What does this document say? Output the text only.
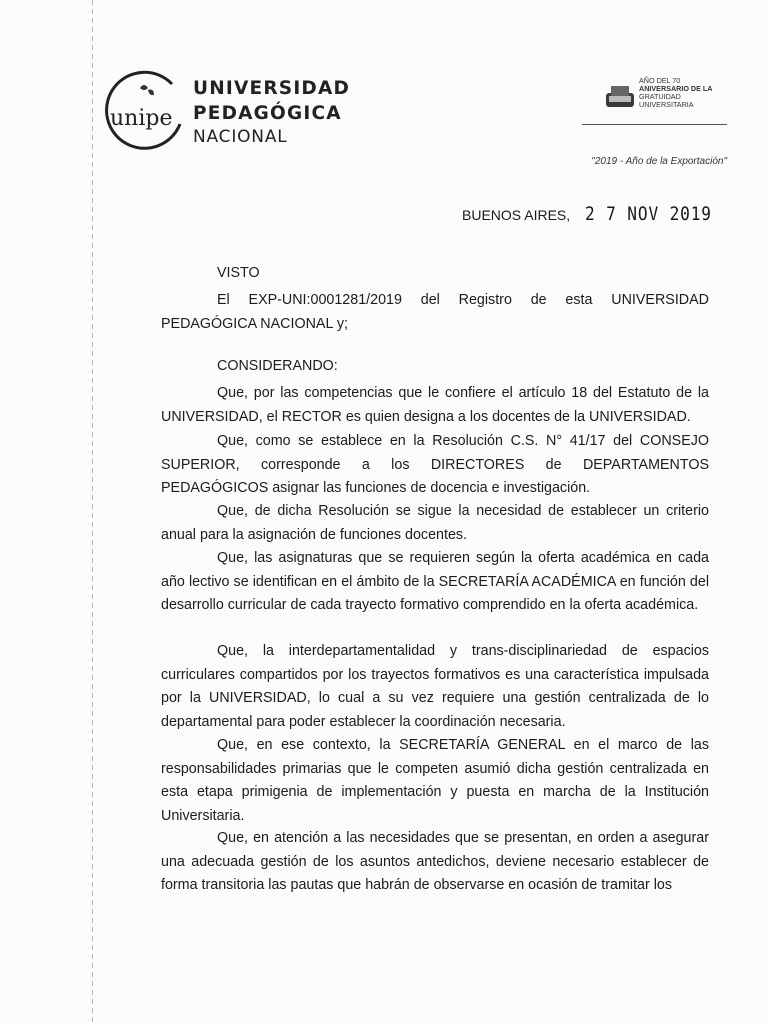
unipe
UNIVERSIDAD
PEDAGÓGICA
NACIONAL
AÑO DEL 70
ANIVERSARIO DE LA
GRATUIDAD
UNIVERSITARIA
"2019 - Año de la Exportación"
BUENOS AIRES, 2 7 NOV 2019
VISTO
El EXP-UNI:0001281/2019 del Registro de esta UNIVERSIDAD PEDAGÓGICA NACIONAL y;
CONSIDERANDO:
Que, por las competencias que le confiere el artículo 18 del Estatuto de la UNIVERSIDAD, el RECTOR es quien designa a los docentes de la UNIVERSIDAD.
Que, como se establece en la Resolución C.S. N° 41/17 del CONSEJO SUPERIOR, corresponde a los DIRECTORES de DEPARTAMENTOS PEDAGÓGICOS asignar las funciones de docencia e investigación.
Que, de dicha Resolución se sigue la necesidad de establecer un criterio anual para la asignación de funciones docentes.
Que, las asignaturas que se requieren según la oferta académica en cada año lectivo se identifican en el ámbito de la SECRETARÍA ACADÉMICA en función del desarrollo curricular de cada trayecto formativo comprendido en la oferta académica.
Que, la interdepartamentalidad y trans-disciplinariedad de espacios curriculares compartidos por los trayectos formativos es una característica impulsada por la UNIVERSIDAD, lo cual a su vez requiere una gestión centralizada de lo departamental para poder establecer la coordinación necesaria.
Que, en ese contexto, la SECRETARÍA GENERAL en el marco de las responsabilidades primarias que le competen asumió dicha gestión centralizada en esta etapa primigenia de implementación y puesta en marcha de la Institución Universitaria.
Que, en atención a las necesidades que se presentan, en orden a asegurar una adecuada gestión de los asuntos antedichos, deviene necesario establecer de forma transitoria las pautas que habrán de observarse en ocasión de tramitar los
